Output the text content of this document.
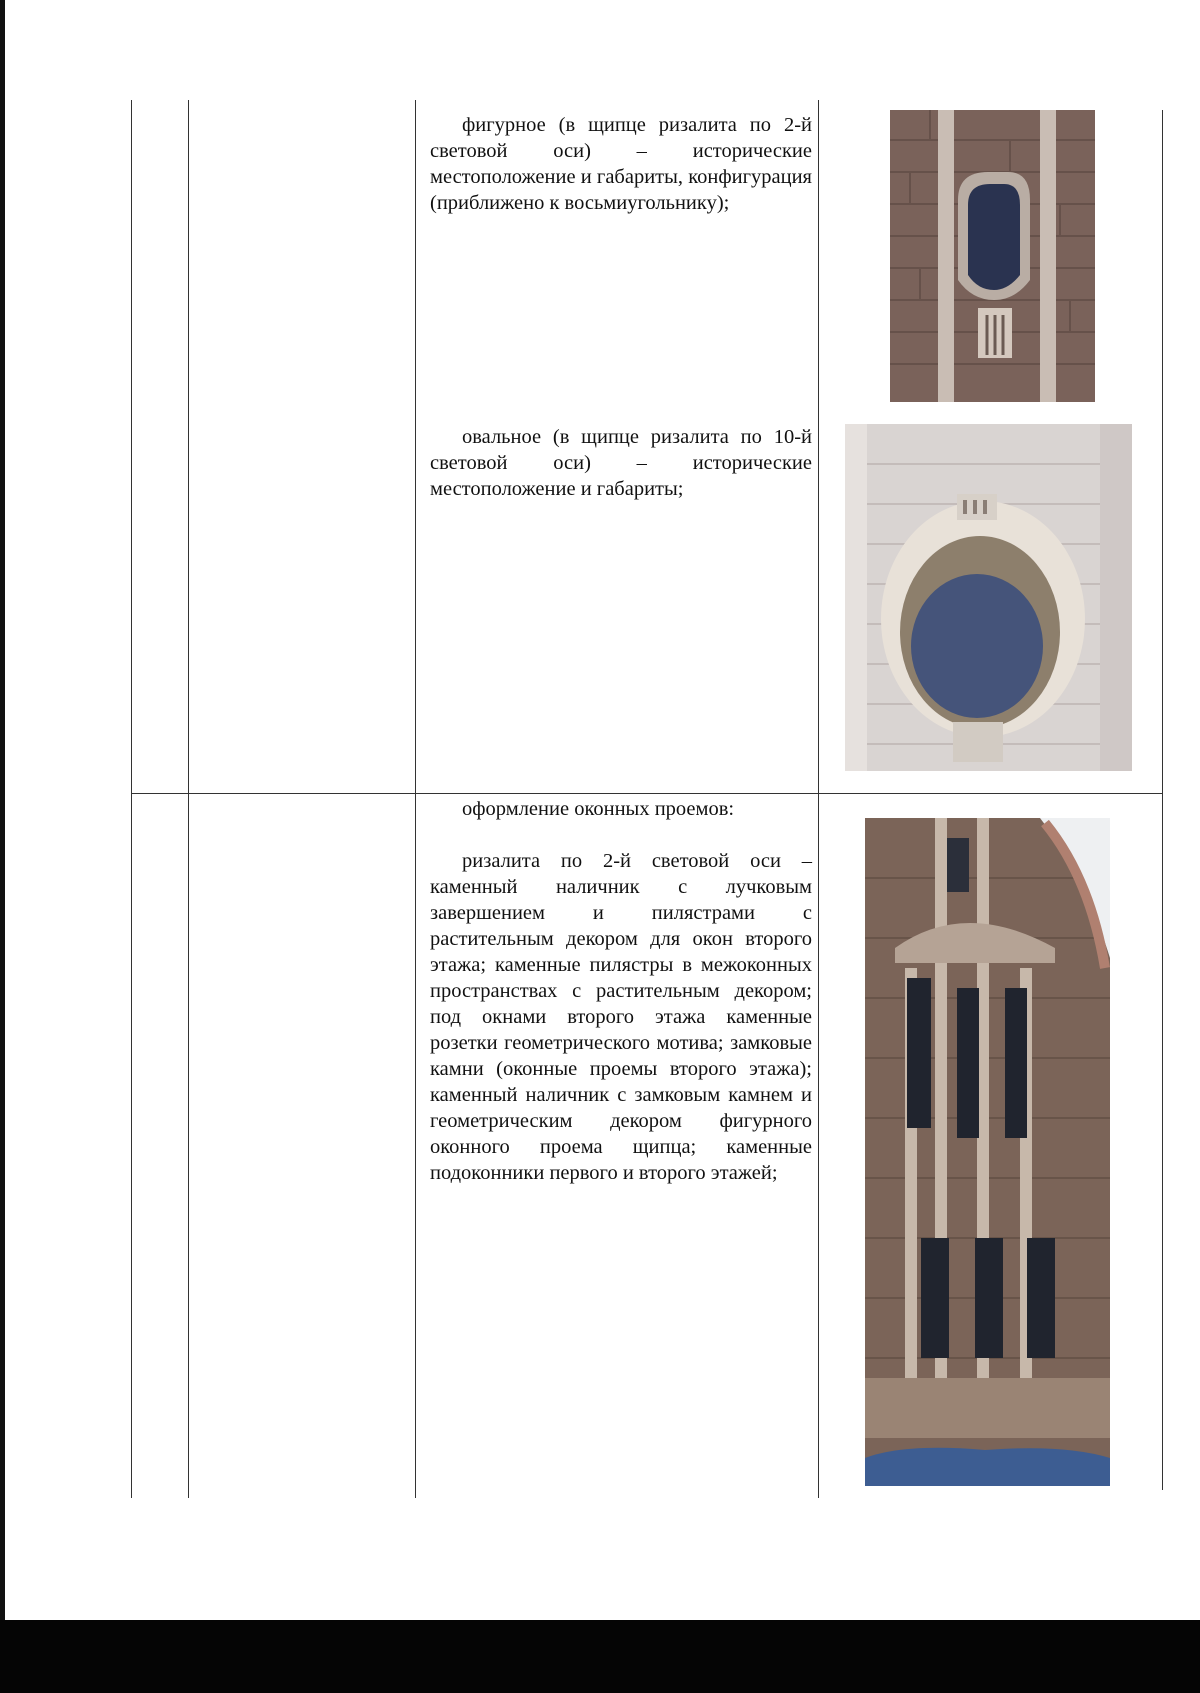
фигурное (в щипце ризалита по 2-й световой оси) – исторические местоположение и габариты, конфигурация (приближено к восьмиугольнику);

овальное (в щипце ризалита по 10-й световой оси) – исторические местоположение и габариты;

оформление оконных проемов:

ризалита по 2-й световой оси – каменный наличник с лучковым завершением и пилястрами с растительным декором для окон второго этажа; каменные пилястры в межоконных пространствах с растительным декором; под окнами второго этажа каменные розетки геометрического мотива; замковые камни (оконные проемы второго этажа); каменный наличник с замковым камнем и геометрическим декором фигурного оконного проема щипца; каменные подоконники первого и второго этажей;
